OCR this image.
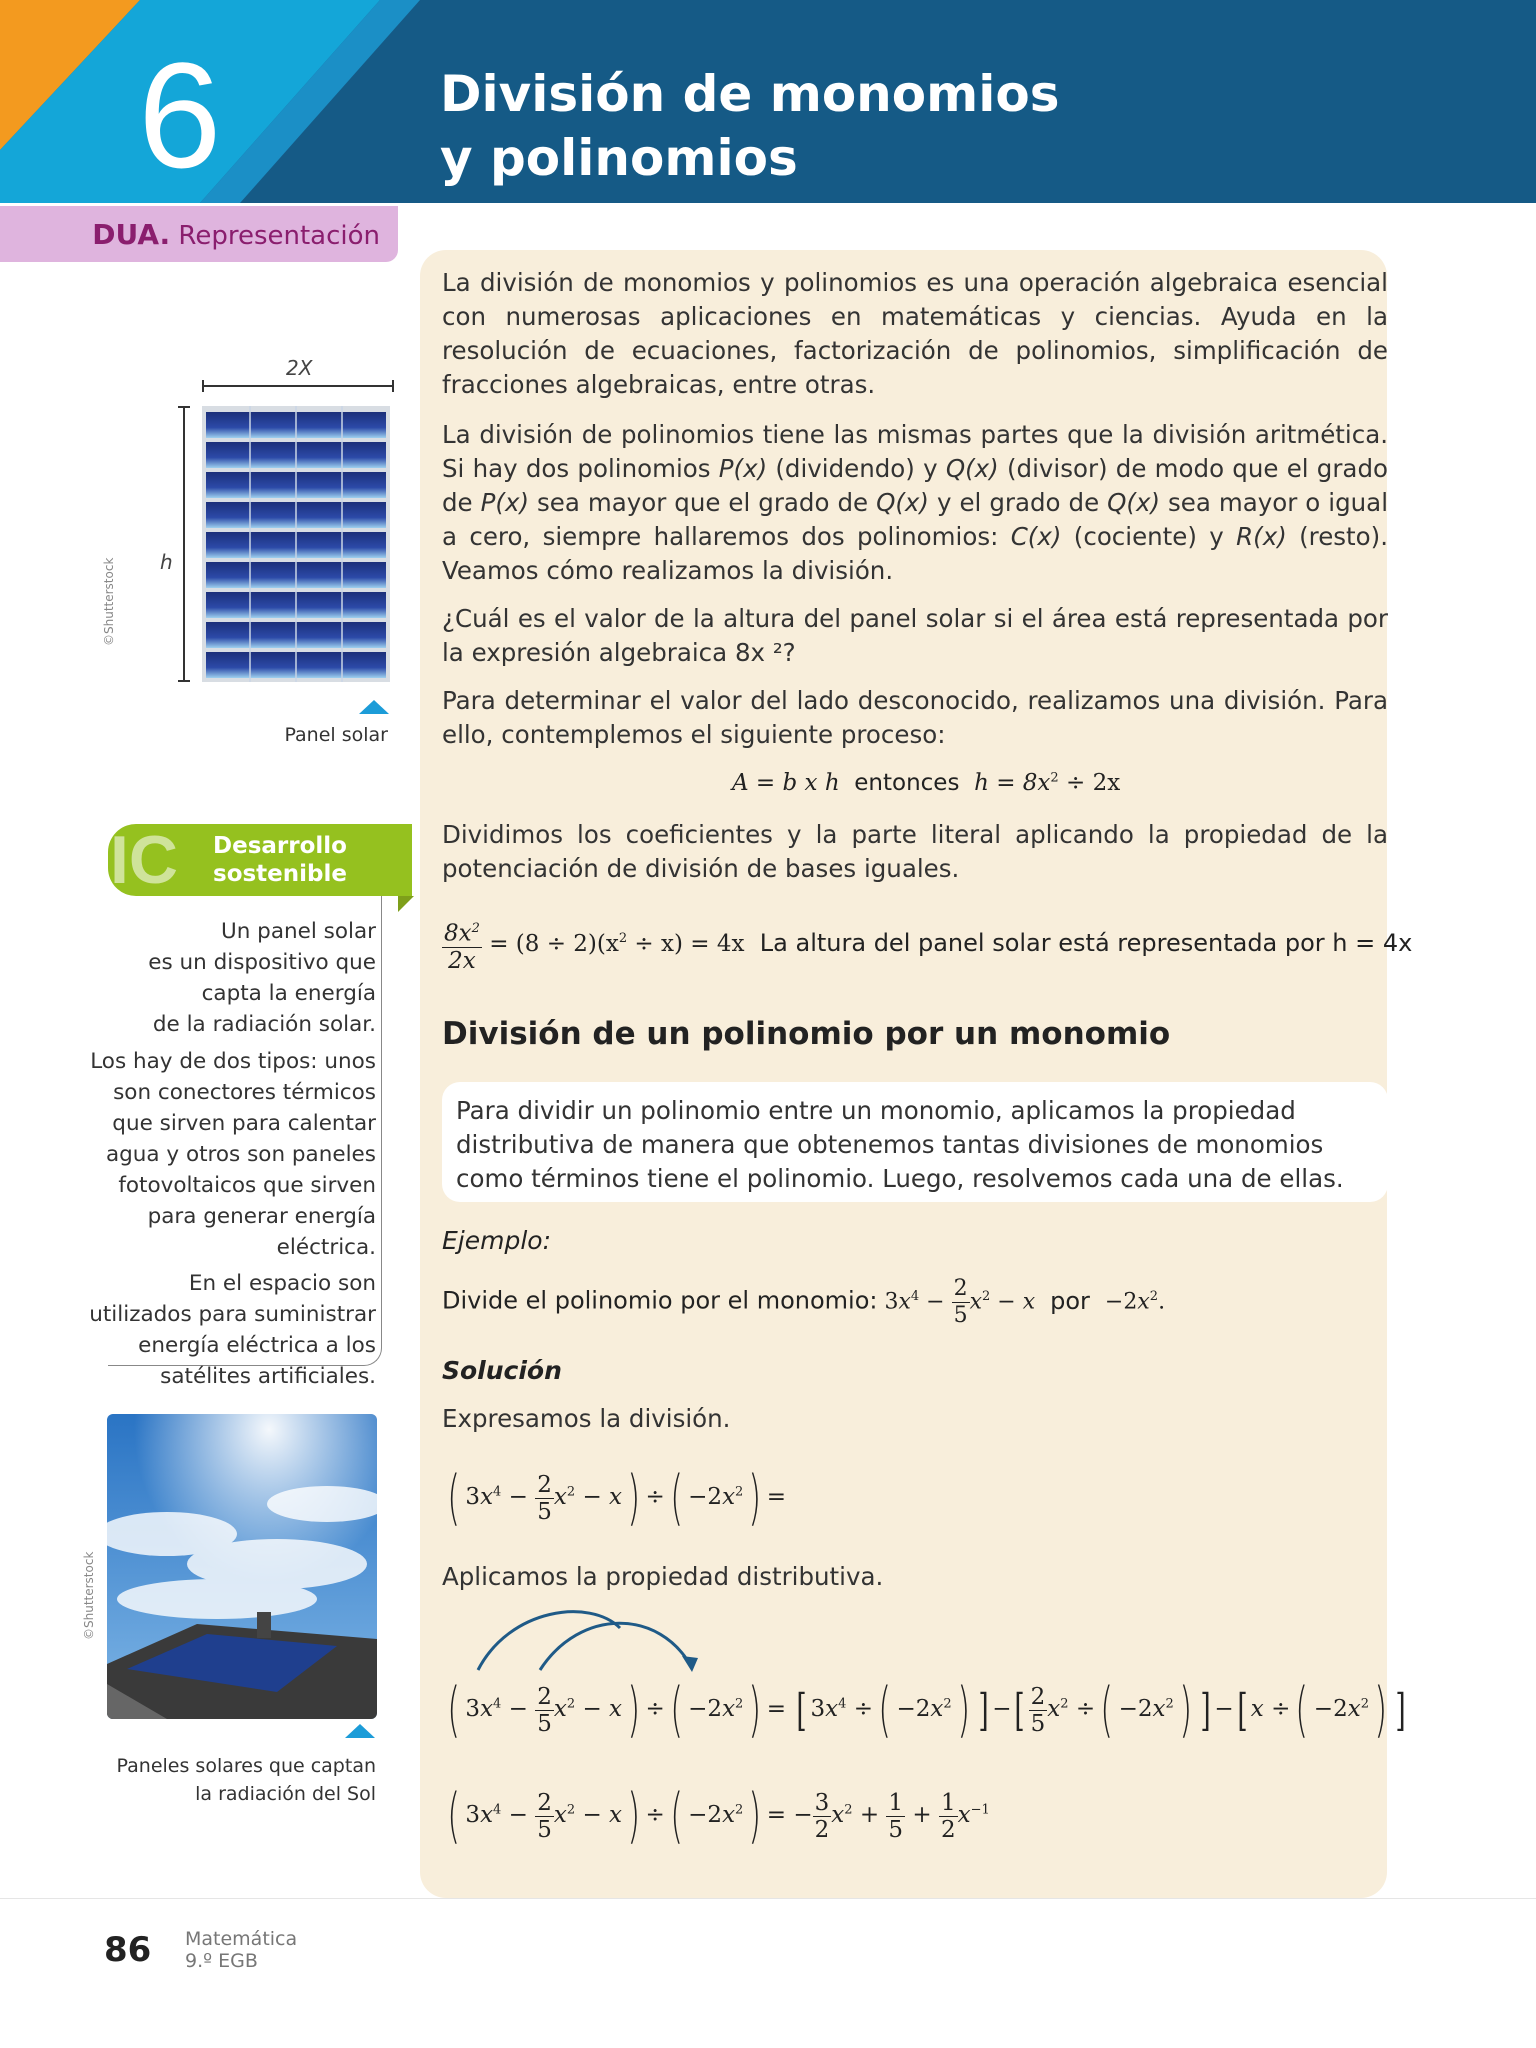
6	División de monomios
y polinomios
DUA. Representación
2X
h
©Shutterstock
Panel solar
IC Desarrollo
sostenible
Un panel solar
es un dispositivo que
capta la energía
de la radiación solar.
Los hay de dos tipos: unos
son conectores térmicos
que sirven para calentar
agua y otros son paneles
fotovoltaicos que sirven
para generar energía
eléctrica.
En el espacio son
utilizados para suministrar
energía eléctrica a los
satélites artificiales.
©Shutterstock
Paneles solares que captan
la radiación del Sol
La división de monomios y polinomios es una operación algebraica esencial con numerosas aplicaciones en matemáticas y ciencias. Ayuda en la resolución de ecuaciones, factorización de polinomios, simplificación de fracciones algebraicas, entre otras.
La división de polinomios tiene las mismas partes que la división aritmética. Si hay dos polinomios P(x) (dividendo) y Q(x) (divisor) de modo que el grado de P(x) sea mayor que el grado de Q(x) y el grado de Q(x) sea mayor o igual a cero, siempre hallaremos dos polinomios: C(x) (cociente) y R(x) (resto). Veamos cómo realizamos la división.
¿Cuál es el valor de la altura del panel solar si el área está representada por la expresión algebraica 8x ²?
Para determinar el valor del lado desconocido, realizamos una división. Para ello, contemplemos el siguiente proceso:
A = b x h entonces $h = 8x^2 \div 2x$
Dividimos los coeficientes y la parte literal aplicando la propiedad de la potenciación de división de bases iguales.
$\frac{8x^2}{2x} = (8 \div 2)(x^2 \div x) = 4x$ La altura del panel solar está representada por h = 4x
División de un polinomio por un monomio
Para dividir un polinomio entre un monomio, aplicamos la propiedad distributiva de manera que obtenemos tantas divisiones de monomios como términos tiene el polinomio. Luego, resolvemos cada una de ellas.
Ejemplo:
Divide el polinomio por el monomio: $3x^4 - \frac{2}{5} x^2 - x$ por $-2x^2$.
Solución
Expresamos la división.
( $3x^4 - \frac{2}{5} x^2 - x$) ÷( $-2x^2$) =
Aplicamos la propiedad distributiva.
( $3x^4 - \frac{2}{5} x^2 - x$) ÷( $-2x^2$) = [ $3x^4$ ÷( $-2x^2$) ] −[ $\frac{2}{5} x^2$ ÷( $-2x^2$) ] −[ x ÷( $-2x^2$) ]
( $3x^4 - \frac{2}{5} x^2 - x$) ÷( $-2x^2$) = − $\frac{3}{2} x^2 + \frac{1}{5} + \frac{1}{2} x^{-1}$
86 Matemática
9.º EGB
